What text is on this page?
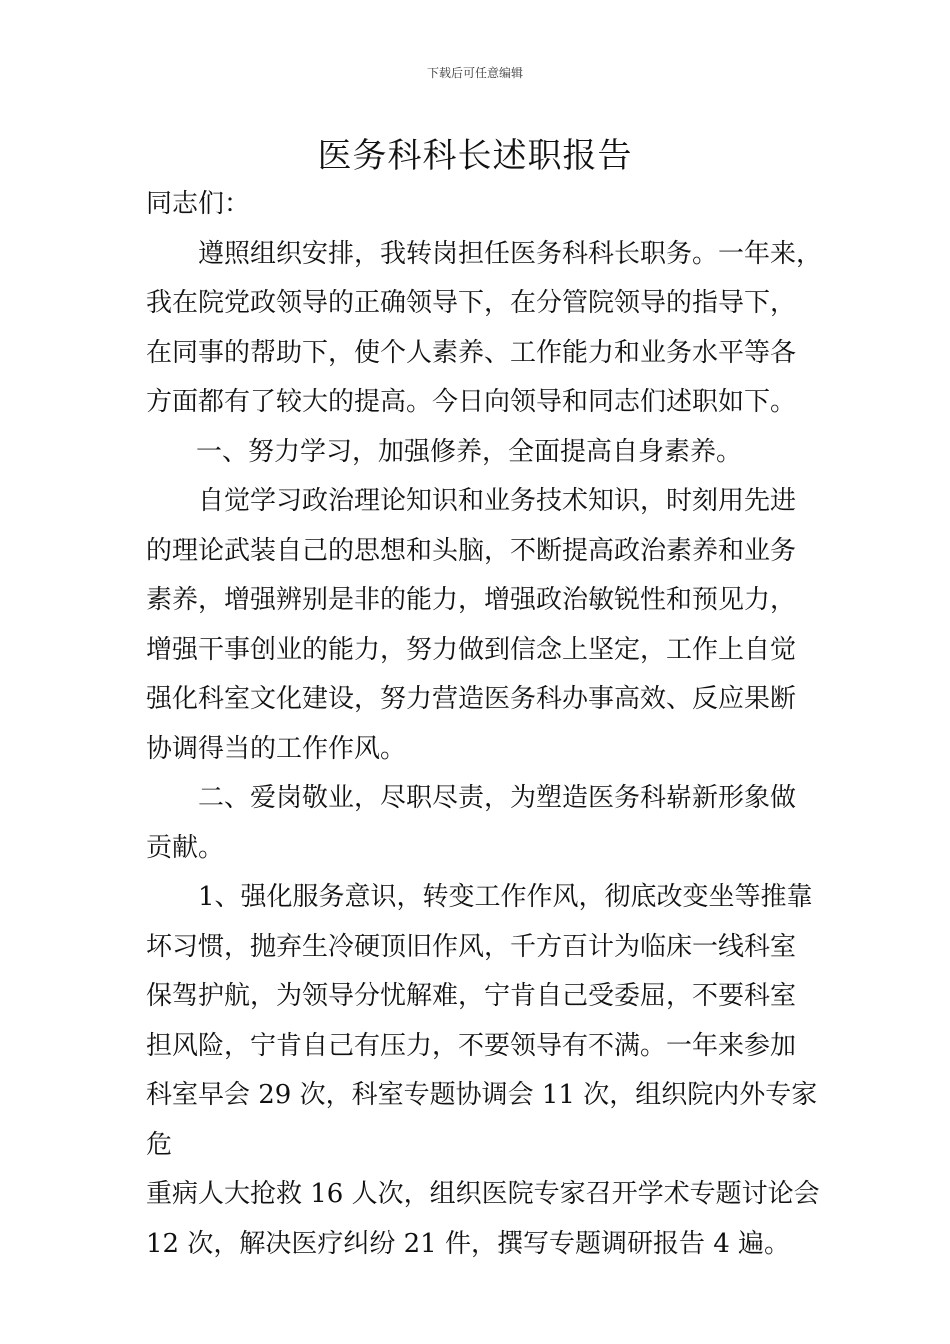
下载后可任意编辑
医务科科长述职报告

同志们：

遵照组织安排，我转岗担任医务科科长职务。一年来，

我在院党政领导的正确领导下，在分管院领导的指导下，

在同事的帮助下，使个人素养、工作能力和业务水平等各

方面都有了较大的提高。今日向领导和同志们述职如下。

一、努力学习，加强修养，全面提高自身素养。

自觉学习政治理论知识和业务技术知识，时刻用先进

的理论武装自己的思想和头脑，不断提高政治素养和业务

素养，增强辨别是非的能力，增强政治敏锐性和预见力，

增强干事创业的能力，努力做到信念上坚定，工作上自觉

强化科室文化建设，努力营造医务科办事高效、反应果断

协调得当的工作作风。

二、爱岗敬业，尽职尽责，为塑造医务科崭新形象做

贡献。

1、强化服务意识，转变工作作风，彻底改变坐等推靠

坏习惯，抛弃生冷硬顶旧作风，千方百计为临床一线科室

保驾护航，为领导分忧解难，宁肯自己受委屈，不要科室

担风险，宁肯自己有压力，不要领导有不满。一年来参加

科室早会 29 次，科室专题协调会 11 次，组织院内外专家危

重病人大抢救 16 人次，组织医院专家召开学术专题讨论会

12 次，解决医疗纠纷 21 件，撰写专题调研报告 4 遍。
